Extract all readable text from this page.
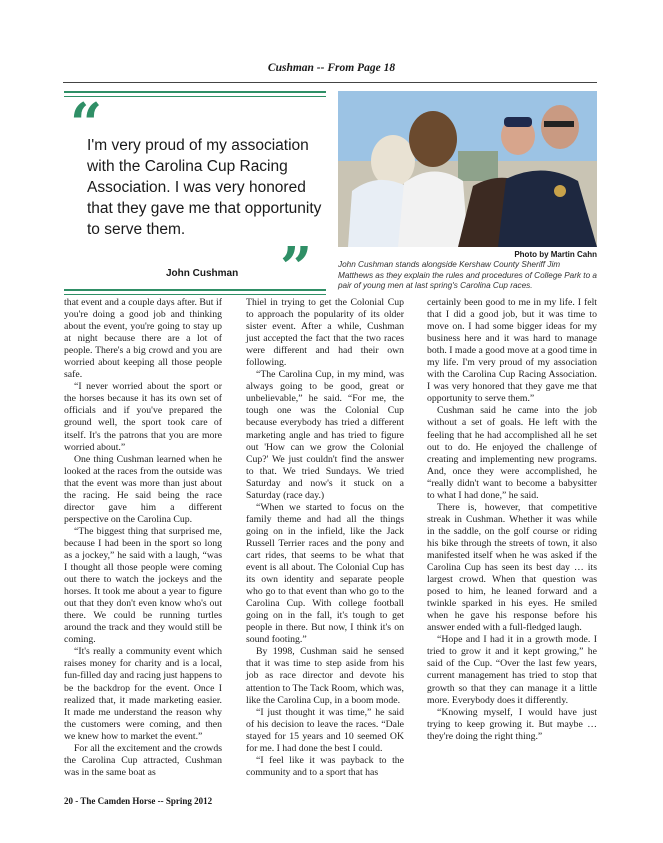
Cushman -- From Page 18
“
I'm very proud of my association with the Carolina Cup Racing Association. I was very honored that they gave me that opportunity to serve them.
”
John Cushman
Photo by Martin Cahn
John Cushman stands alongside Kershaw County Sheriff Jim Matthews as they explain the rules and procedures of College Park to a pair of young men at last spring's Carolina Cup races.

that event and a couple days after. But if you're doing a good job and thinking about the event, you're going to stay up at night because there are a lot of people. There's a big crowd and you are worried about keeping all those people safe.

“I never worried about the sport or the horses because it has its own set of officials and if you've prepared the ground well, the sport took care of itself. It's the patrons that you are more worried about.”

One thing Cushman learned when he looked at the races from the outside was that the event was more than just about the racing. He said being the race director gave him a different perspective on the Carolina Cup.

“The biggest thing that surprised me, because I had been in the sport so long as a jockey,” he said with a laugh, “was I thought all those people were coming out there to watch the jockeys and the horses. It took me about a year to figure out that they don't even know who's out there. We could be running turtles around the track and they would still be coming.

“It's really a community event which raises money for charity and is a local, fun-filled day and racing just happens to be the backdrop for the event. Once I realized that, it made marketing easier. It made me understand the reason why the customers were coming, and then we knew how to market the event.”

For all the excitement and the crowds the Carolina Cup attracted, Cushman was in the same boat as

Thiel in trying to get the Colonial Cup to approach the popularity of its older sister event. After a while, Cushman just accepted the fact that the two races were different and had their own following.

“The Carolina Cup, in my mind, was always going to be good, great or unbelievable,” he said. “For me, the tough one was the Colonial Cup because everybody has tried a different marketing angle and has tried to figure out 'How can we grow the Colonial Cup?' We just couldn't find the answer to that. We tried Sundays. We tried Saturday and now's it stuck on a Saturday (race day.)

“When we started to focus on the family theme and had all the things going on in the infield, like the Jack Russell Terrier races and the pony and cart rides, that seems to be what that event is all about. The Colonial Cup has its own identity and separate people who go to that event than who go to the Carolina Cup. With college football going on in the fall, it's tough to get people in there. But now, I think it's on sound footing.”

By 1998, Cushman said he sensed that it was time to step aside from his job as race director and devote his attention to The Tack Room, which was, like the Carolina Cup, in a boom mode.

“I just thought it was time,” he said of his decision to leave the races. “Dale stayed for 15 years and 10 seemed OK for me. I had done the best I could.

“I feel like it was payback to the community and to a sport that has

certainly been good to me in my life. I felt that I did a good job, but it was time to move on. I had some bigger ideas for my business here and it was hard to manage both. I made a good move at a good time in my life. I'm very proud of my association with the Carolina Cup Racing Association. I was very honored that they gave me that opportunity to serve them.”

Cushman said he came into the job without a set of goals. He left with the feeling that he had accomplished all he set out to do. He enjoyed the challenge of creating and implementing new programs. And, once they were accomplished, he “really didn't want to become a babysitter to what I had done,” he said.

There is, however, that competitive streak in Cushman. Whether it was while in the saddle, on the golf course or riding his bike through the streets of town, it also manifested itself when he was asked if the Carolina Cup has seen its best day … its largest crowd. When that question was posed to him, he leaned forward and a twinkle sparked in his eyes. He smiled when he gave his response before his answer ended with a full-fledged laugh.

“Hope and I had it in a growth mode. I tried to grow it and it kept growing,” he said of the Cup. “Over the last few years, current management has tried to stop that growth so that they can manage it a little more. Everybody does it differently.

“Knowing myself, I would have just trying to keep growing it. But maybe … they're doing the right thing.”

20 - The Camden Horse -- Spring 2012
